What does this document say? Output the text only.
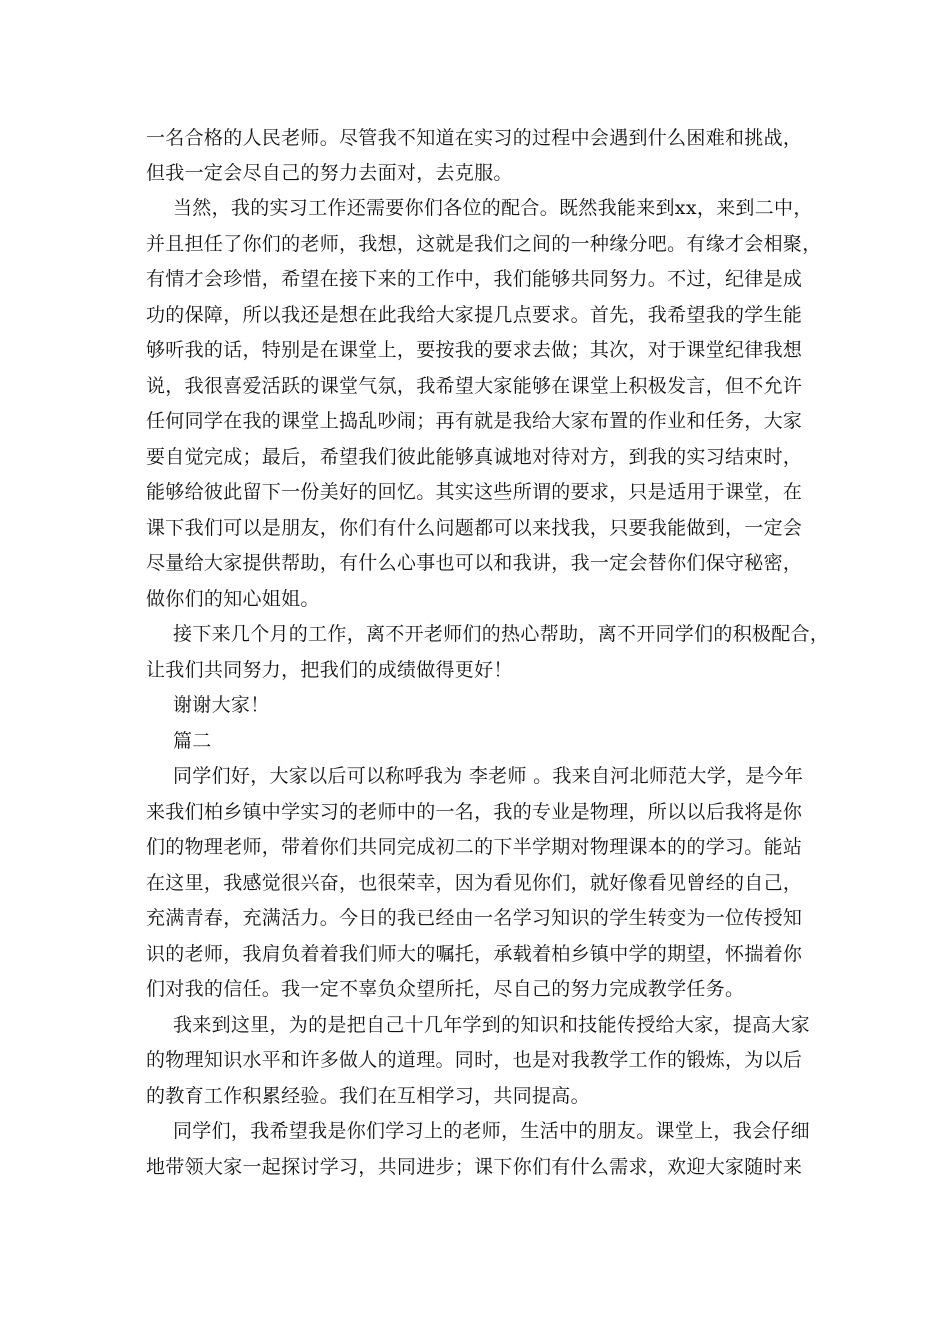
一名合格的人民老师。尽管我不知道在实习的过程中会遇到什么困难和挑战，
但我一定会尽自己的努力去面对，去克服。
当然，我的实习工作还需要你们各位的配合。既然我能来到xx，来到二中，
并且担任了你们的老师，我想，这就是我们之间的一种缘分吧。有缘才会相聚，
有情才会珍惜，希望在接下来的工作中，我们能够共同努力。不过，纪律是成
功的保障，所以我还是想在此我给大家提几点要求。首先，我希望我的学生能
够听我的话，特别是在课堂上，要按我的要求去做；其次，对于课堂纪律我想
说，我很喜爱活跃的课堂气氛，我希望大家能够在课堂上积极发言，但不允许
任何同学在我的课堂上捣乱吵闹；再有就是我给大家布置的作业和任务，大家
要自觉完成；最后，希望我们彼此能够真诚地对待对方，到我的实习结束时，
能够给彼此留下一份美好的回忆。其实这些所谓的要求，只是适用于课堂，在
课下我们可以是朋友，你们有什么问题都可以来找我，只要我能做到，一定会
尽量给大家提供帮助，有什么心事也可以和我讲，我一定会替你们保守秘密，
做你们的知心姐姐。
接下来几个月的工作，离不开老师们的热心帮助，离不开同学们的积极配合，
让我们共同努力，把我们的成绩做得更好！
谢谢大家！
篇二
同学们好，大家以后可以称呼我为 李老师 。我来自河北师范大学，是今年
来我们柏乡镇中学实习的老师中的一名，我的专业是物理，所以以后我将是你
们的物理老师，带着你们共同完成初二的下半学期对物理课本的的学习。能站
在这里，我感觉很兴奋，也很荣幸，因为看见你们，就好像看见曾经的自己，
充满青春，充满活力。今日的我已经由一名学习知识的学生转变为一位传授知
识的老师，我肩负着着我们师大的嘱托，承载着柏乡镇中学的期望，怀揣着你
们对我的信任。我一定不辜负众望所托，尽自己的努力完成教学任务。
我来到这里，为的是把自己十几年学到的知识和技能传授给大家，提高大家
的物理知识水平和许多做人的道理。同时，也是对我教学工作的锻炼，为以后
的教育工作积累经验。我们在互相学习，共同提高。
同学们，我希望我是你们学习上的老师，生活中的朋友。课堂上，我会仔细
地带领大家一起探讨学习，共同进步；课下你们有什么需求，欢迎大家随时来
